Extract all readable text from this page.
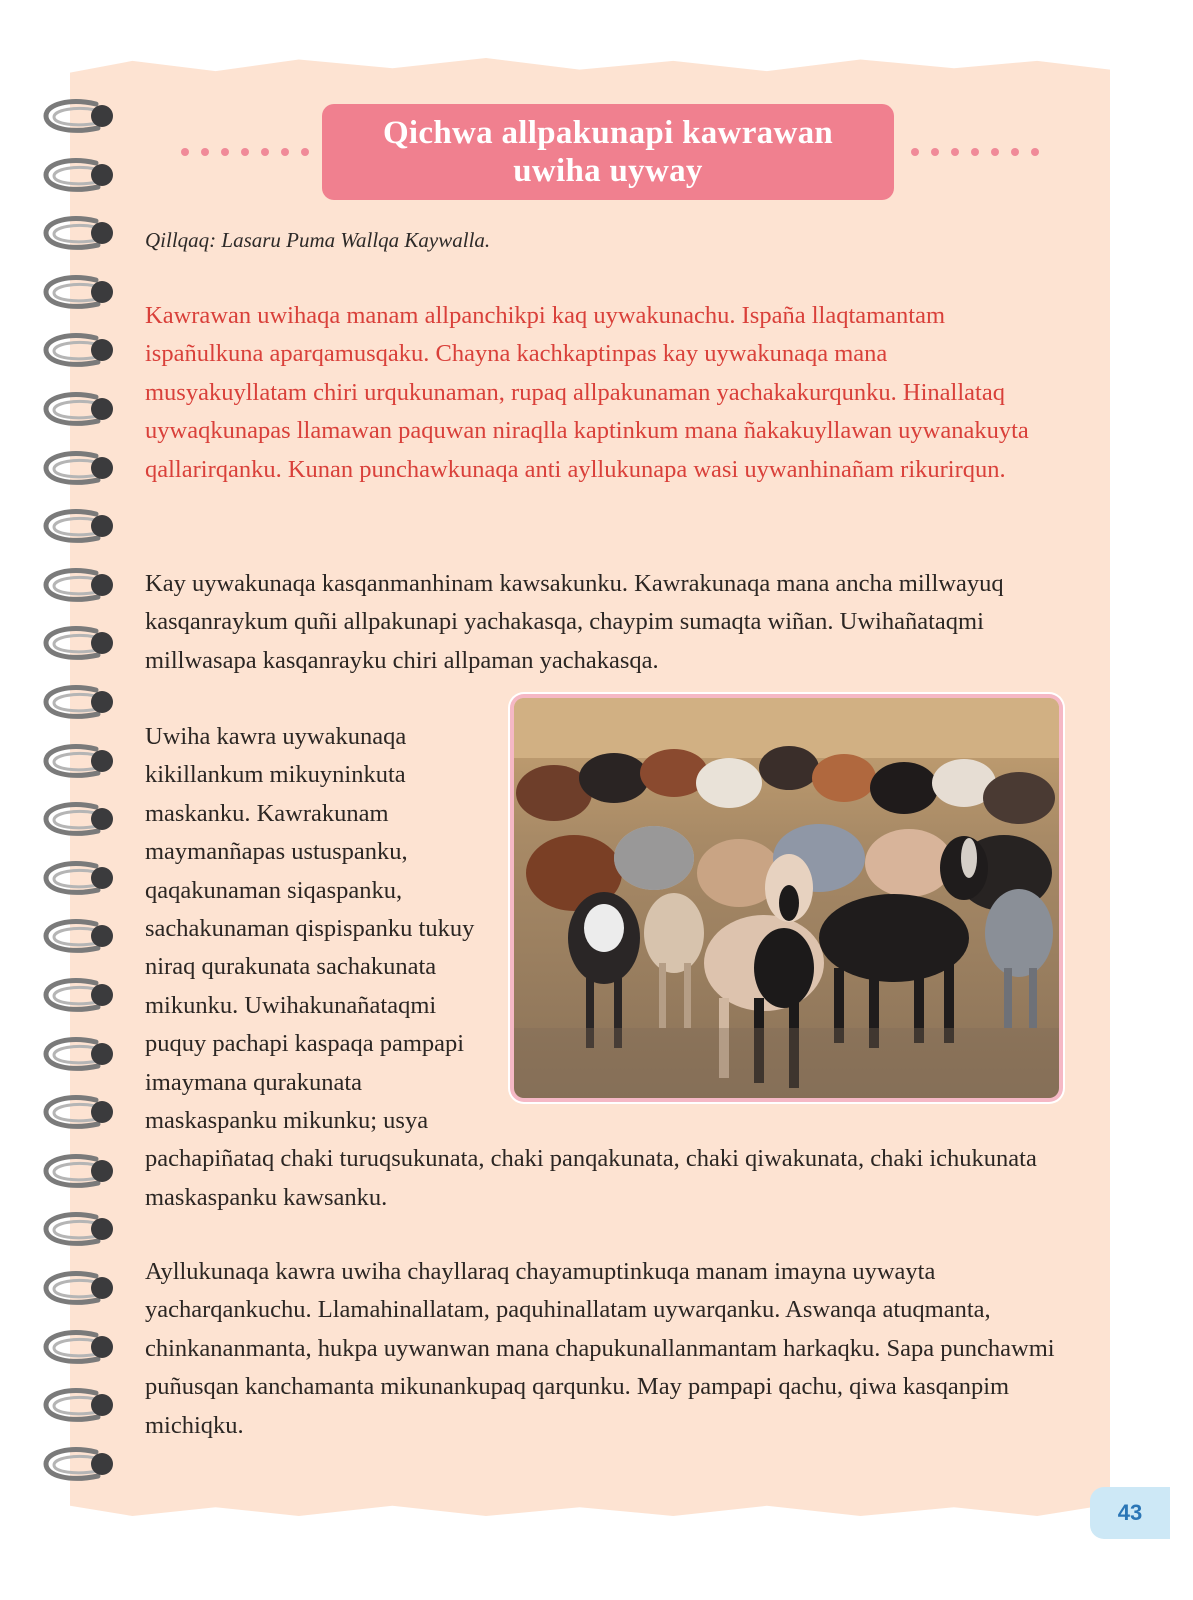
Qichwa allpakunapi kawrawan
uwiha uyway
Qillqaq: Lasaru Puma Wallqa Kaywalla.

Kawrawan uwihaqa manam allpanchikpi kaq uywakunachu. Ispaña llaqtamantam ispañulkuna aparqamusqaku. Chayna kachkaptinpas kay uywakunaqa mana musyakuyllatam chiri urqukunaman, rupaq allpakunaman yachakakurqunku. Hinallataq uywaqkunapas llamawan paquwan niraqlla kaptinkum mana ñakakuyllawan uywanakuyta qallarirqanku. Kunan punchawkunaqa anti ayllukunapa wasi uywanhinañam rikurirqun.

Kay uywakunaqa kasqanmanhinam kawsakunku. Kawrakunaqa mana ancha millwayuq kasqanraykum quñi allpakunapi yachakasqa, chaypim sumaqta wiñan. Uwihañataqmi millwasapa kasqanrayku chiri allpaman yachakasqa.

Uwiha kawra uywakunaqa kikillankum mikuyninkuta maskanku. Kawrakunam maymanñapas ustuspanku, qaqakunaman siqaspanku, sachakunaman qispispanku tukuy niraq qurakunata sachakunata mikunku. Uwihakunañataqmi puquy pachapi kaspaqa pampapi imaymana qurakunata maskaspanku mikunku; usya pachapiñataq chaki turuqsukunata, chaki panqakunata, chaki qiwakunata, chaki ichukunata maskaspanku kawsanku.

Ayllukunaqa kawra uwiha chayllaraq chayamuptinkuqa manam imayna uywayta yacharqankuchu. Llamahinallatam, paquhinallatam uywarqanku. Aswanqa atuqmanta, chinkananmanta, hukpa uywanwan mana chapukunallanmantam harkaqku. Sapa punchawmi puñusqan kanchamanta mikunankupaq qarqunku. May pampapi qachu, qiwa kasqanpim michiqku.

43
